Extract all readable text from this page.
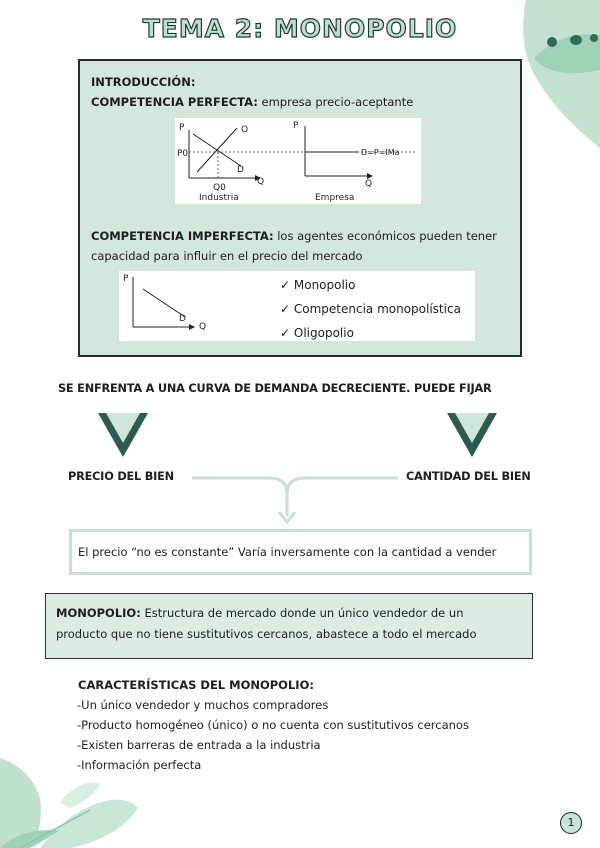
TEMA 2: MONOPOLIO
INTRODUCCIÓN:
COMPETENCIA PERFECTA: empresa precio-aceptante
P	O
P0
D
Q
Q0
Industria
P
D=P=IMa
Q
Empresa
COMPETENCIA IMPERFECTA: los agentes económicos pueden tener
capacidad para influir en el precio del mercado
P
D
Q
✓ Monopolio
✓ Competencia monopolística
✓ Oligopolio
SE ENFRENTA A UNA CURVA DE DEMANDA DECRECIENTE. PUEDE FIJAR
PRECIO DEL BIEN	CANTIDAD DEL BIEN
El precio “no es constante” Varía inversamente con la cantidad a vender
MONOPOLIO: Estructura de mercado donde un único vendedor de un
producto que no tiene sustitutivos cercanos, abastece a todo el mercado
CARACTERÍSTICAS DEL MONOPOLIO:
-Un único vendedor y muchos compradores
-Producto homogéneo (único) o no cuenta con sustitutivos cercanos
-Existen barreras de entrada a la industria
-Información perfecta
1
